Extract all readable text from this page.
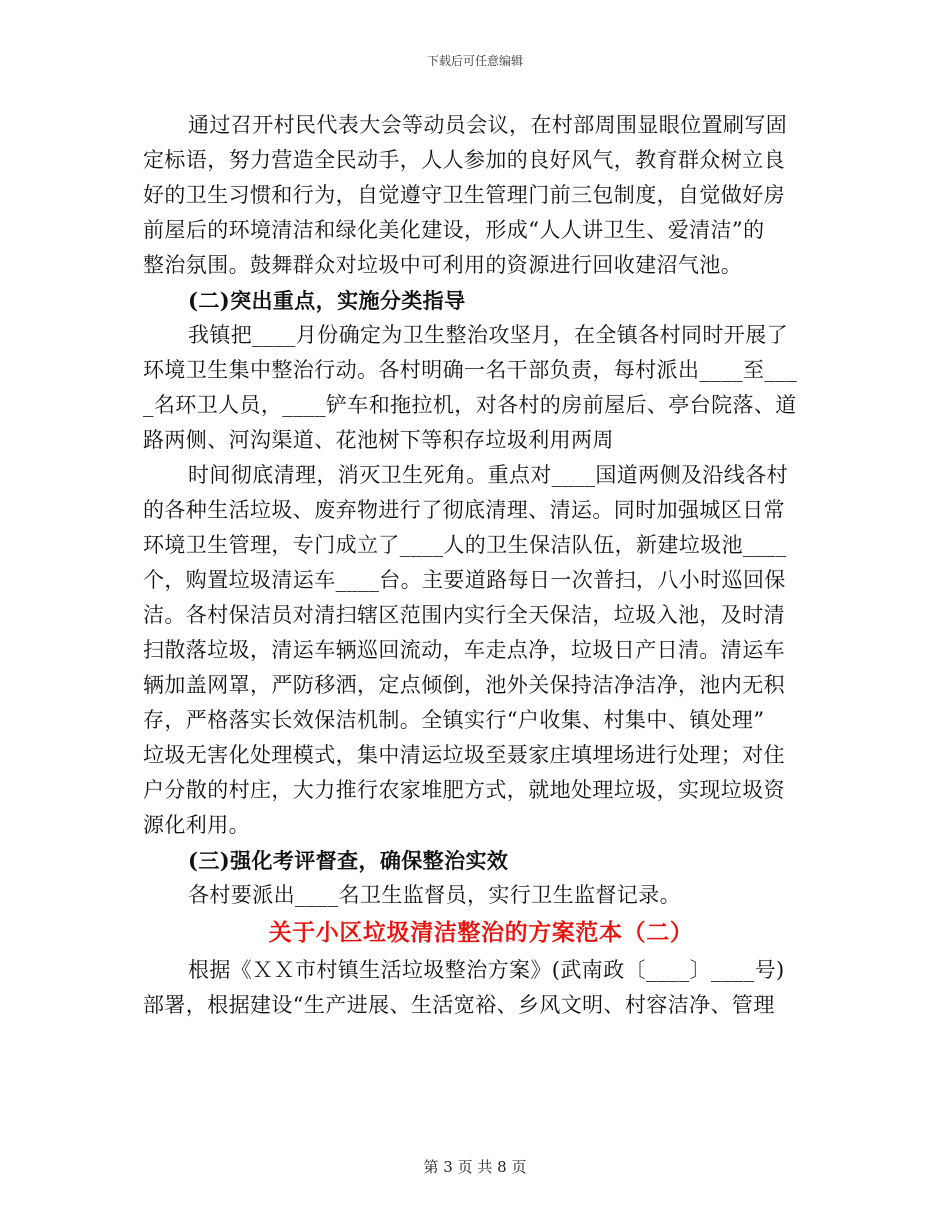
下载后可任意编辑
通过召开村民代表大会等动员会议，在村部周围显眼位置刷写固
定标语，努力营造全民动手，人人参加的良好风气，教育群众树立良
好的卫生习惯和行为，自觉遵守卫生管理门前三包制度，自觉做好房
前屋后的环境清洁和绿化美化建设，形成“人人讲卫生、爱清洁”的
整治氛围。鼓舞群众对垃圾中可利用的资源进行回收建沼气池。
(二)突出重点，实施分类指导
我镇把____月份确定为卫生整治攻坚月，在全镇各村同时开展了
环境卫生集中整治行动。各村明确一名干部负责，每村派出____至___
_名环卫人员，____铲车和拖拉机，对各村的房前屋后、亭台院落、道
路两侧、河沟渠道、花池树下等积存垃圾利用两周
时间彻底清理，消灭卫生死角。重点对____国道两侧及沿线各村
的各种生活垃圾、废弃物进行了彻底清理、清运。同时加强城区日常
环境卫生管理，专门成立了____人的卫生保洁队伍，新建垃圾池____
个，购置垃圾清运车____台。主要道路每日一次普扫，八小时巡回保
洁。各村保洁员对清扫辖区范围内实行全天保洁，垃圾入池，及时清
扫散落垃圾，清运车辆巡回流动，车走点净，垃圾日产日清。清运车
辆加盖网罩，严防移洒，定点倾倒，池外关保持洁净洁净，池内无积
存，严格落实长效保洁机制。全镇实行“户收集、村集中、镇处理”
垃圾无害化处理模式，集中清运垃圾至聂家庄填埋场进行处理；对住
户分散的村庄，大力推行农家堆肥方式，就地处理垃圾，实现垃圾资
源化利用。
(三)强化考评督查，确保整治实效
各村要派出____名卫生监督员，实行卫生监督记录。
关于小区垃圾清洁整治的方案范本（二）
根据《ＸＸ市村镇生活垃圾整治方案》(武南政〔____〕____号)
部署，根据建设“生产进展、生活宽裕、乡风文明、村容洁净、管理
第 3 页 共 8 页
